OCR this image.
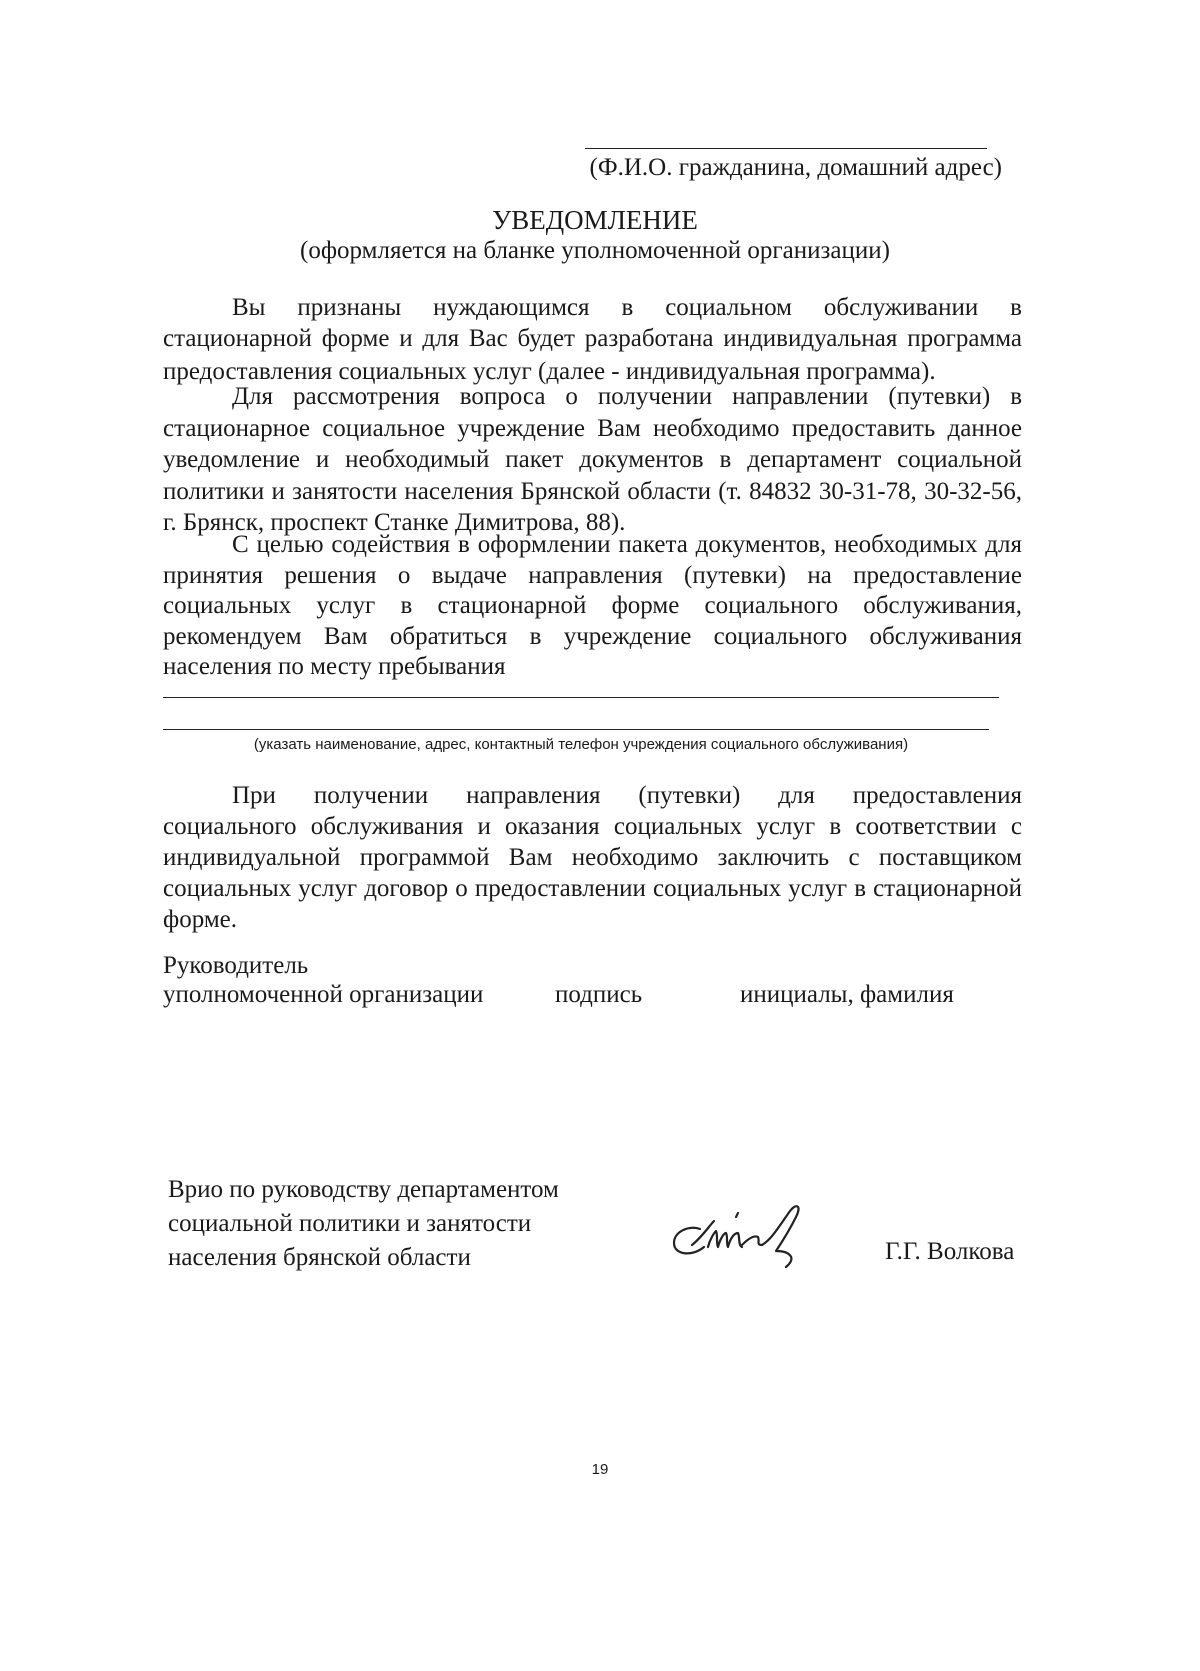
(Ф.И.О. гражданина, домашний адрес)
УВЕДОМЛЕНИЕ
(оформляется на бланке уполномоченной организации)
Вы признаны нуждающимся в социальном обслуживании в
стационарной форме и для Вас будет разработана индивидуальная программа предоставления социальных услуг (далее - индивидуальная программа).
Для рассмотрения вопроса о получении направлении (путевки) в стационарное социальное учреждение Вам необходимо предоставить данное уведомление и необходимый пакет документов в департамент социальной политики и занятости населения Брянской области (т. 84832 30-31-78, 30-32-56, г. Брянск, проспект Станке Димитрова, 88).
С целью содействия в оформлении пакета документов, необходимых для принятия решения о выдаче направления (путевки) на предоставление социальных услуг в стационарной форме социального обслуживания, рекомендуем Вам обратиться в учреждение социального обслуживания населения по месту пребывания
(указать наименование, адрес, контактный телефон учреждения социального обслуживания)
При получении направления (путевки) для предоставления
социального обслуживания и оказания социальных услуг в соответствии с индивидуальной программой Вам необходимо заключить с поставщиком социальных услуг договор о предоставлении социальных услуг в стационарной форме.
Руководитель
уполномоченной организации	подпись	инициалы, фамилия
Врио по руководству департаментом
социальной политики и занятости
населения брянской области	Г.Г. Волкова
19
